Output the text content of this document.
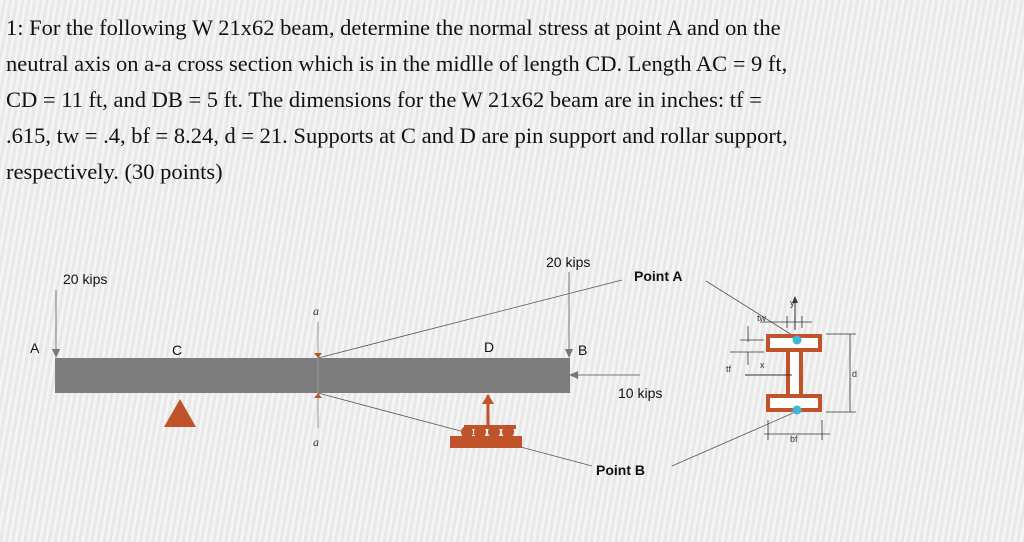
1: For the following W 21x62 beam, determine the normal stress at point A and on the
neutral axis on a-a cross section which is in the midlle of length CD. Length AC = 9 ft,
CD = 11 ft, and DB = 5 ft. The dimensions for the W 21x62 beam are in inches: tf =
.615, tw = .4, bf = 8.24, d = 21. Supports at C and D are pin support and rollar support,
respectively. (30 points)
20 kips
20 kips
10 kips
A	C	D	B
a
a
Point A
Point B
y
x
tw
tf	d
bf
